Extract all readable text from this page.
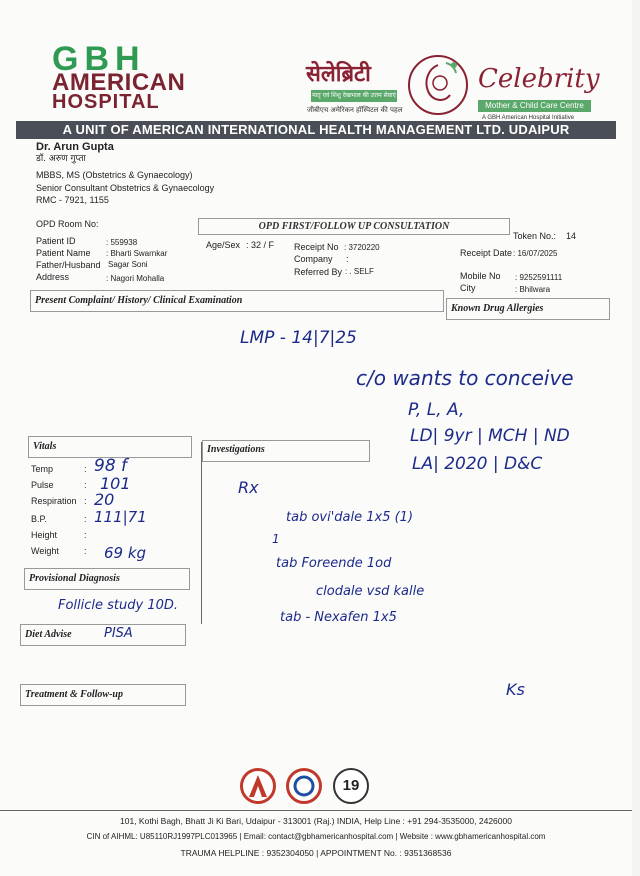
GBH
AMERICAN
HOSPITAL
सेलेब्रिटी
मातृ एवं शिशु देखभाल की उत्तम सेवाएं
जीबीएच अमेरिकन हॉस्पिटल की पहल
Celebrity
Mother & Child Care Centre
A GBH American Hospital Initiative
A UNIT OF AMERICAN INTERNATIONAL HEALTH MANAGEMENT LTD. UDAIPUR
Dr. Arun Gupta
डॉ. अरुण गुप्ता
MBBS, MS (Obstetrics & Gynaecology)
Senior Consultant Obstetrics & Gynaecology
RMC - 7921, 1155
OPD Room No:	OPD FIRST/FOLLOW UP CONSULTATION
Token No.: 14
Patient ID	: 559938
Patient Name : Bharti Swarnkar
Father/Husband Sagar Soni
Address	: Nagori Mohalla
Age/Sex : 32 / F Receipt No : 3720220
Company :
Referred By : . SELF
Receipt Date : 16/07/2025
Mobile No : 9252591111
City	: Bhilwara
Present Complaint/ History/ Clinical Examination
Known Drug Allergies
LMP - 14|7|25
c/o wants to conceive
P, L, A,
LD| 9yr | MCH | ND
LA| 2020 | D&C
Vitals	Investigations
Temp	: 98 f
Pulse	: 101
Respiration : 20
B.P.	: 111|71
Height	:
Weight	: 69 kg
Rx
tab ovi'dale 1x5 (1)
1
tab Foreende 1od
clodale vsd kalle
tab - Nexafen 1x5
Provisional Diagnosis
Follicle study 10D.
Diet Advise PISA
Treatment & Follow-up	Ks
19
101, Kothi Bagh, Bhatt Ji Ki Bari, Udaipur - 313001 (Raj.) INDIA, Help Line : +91 294-3535000, 2426000
CIN of AIHML: U85110RJ1997PLC013965 | Email: contact@gbhamericanhospital.com | Website : www.gbhamericanhospital.com
TRAUMA HELPLINE : 9352304050 | APPOINTMENT No. : 9351368536
